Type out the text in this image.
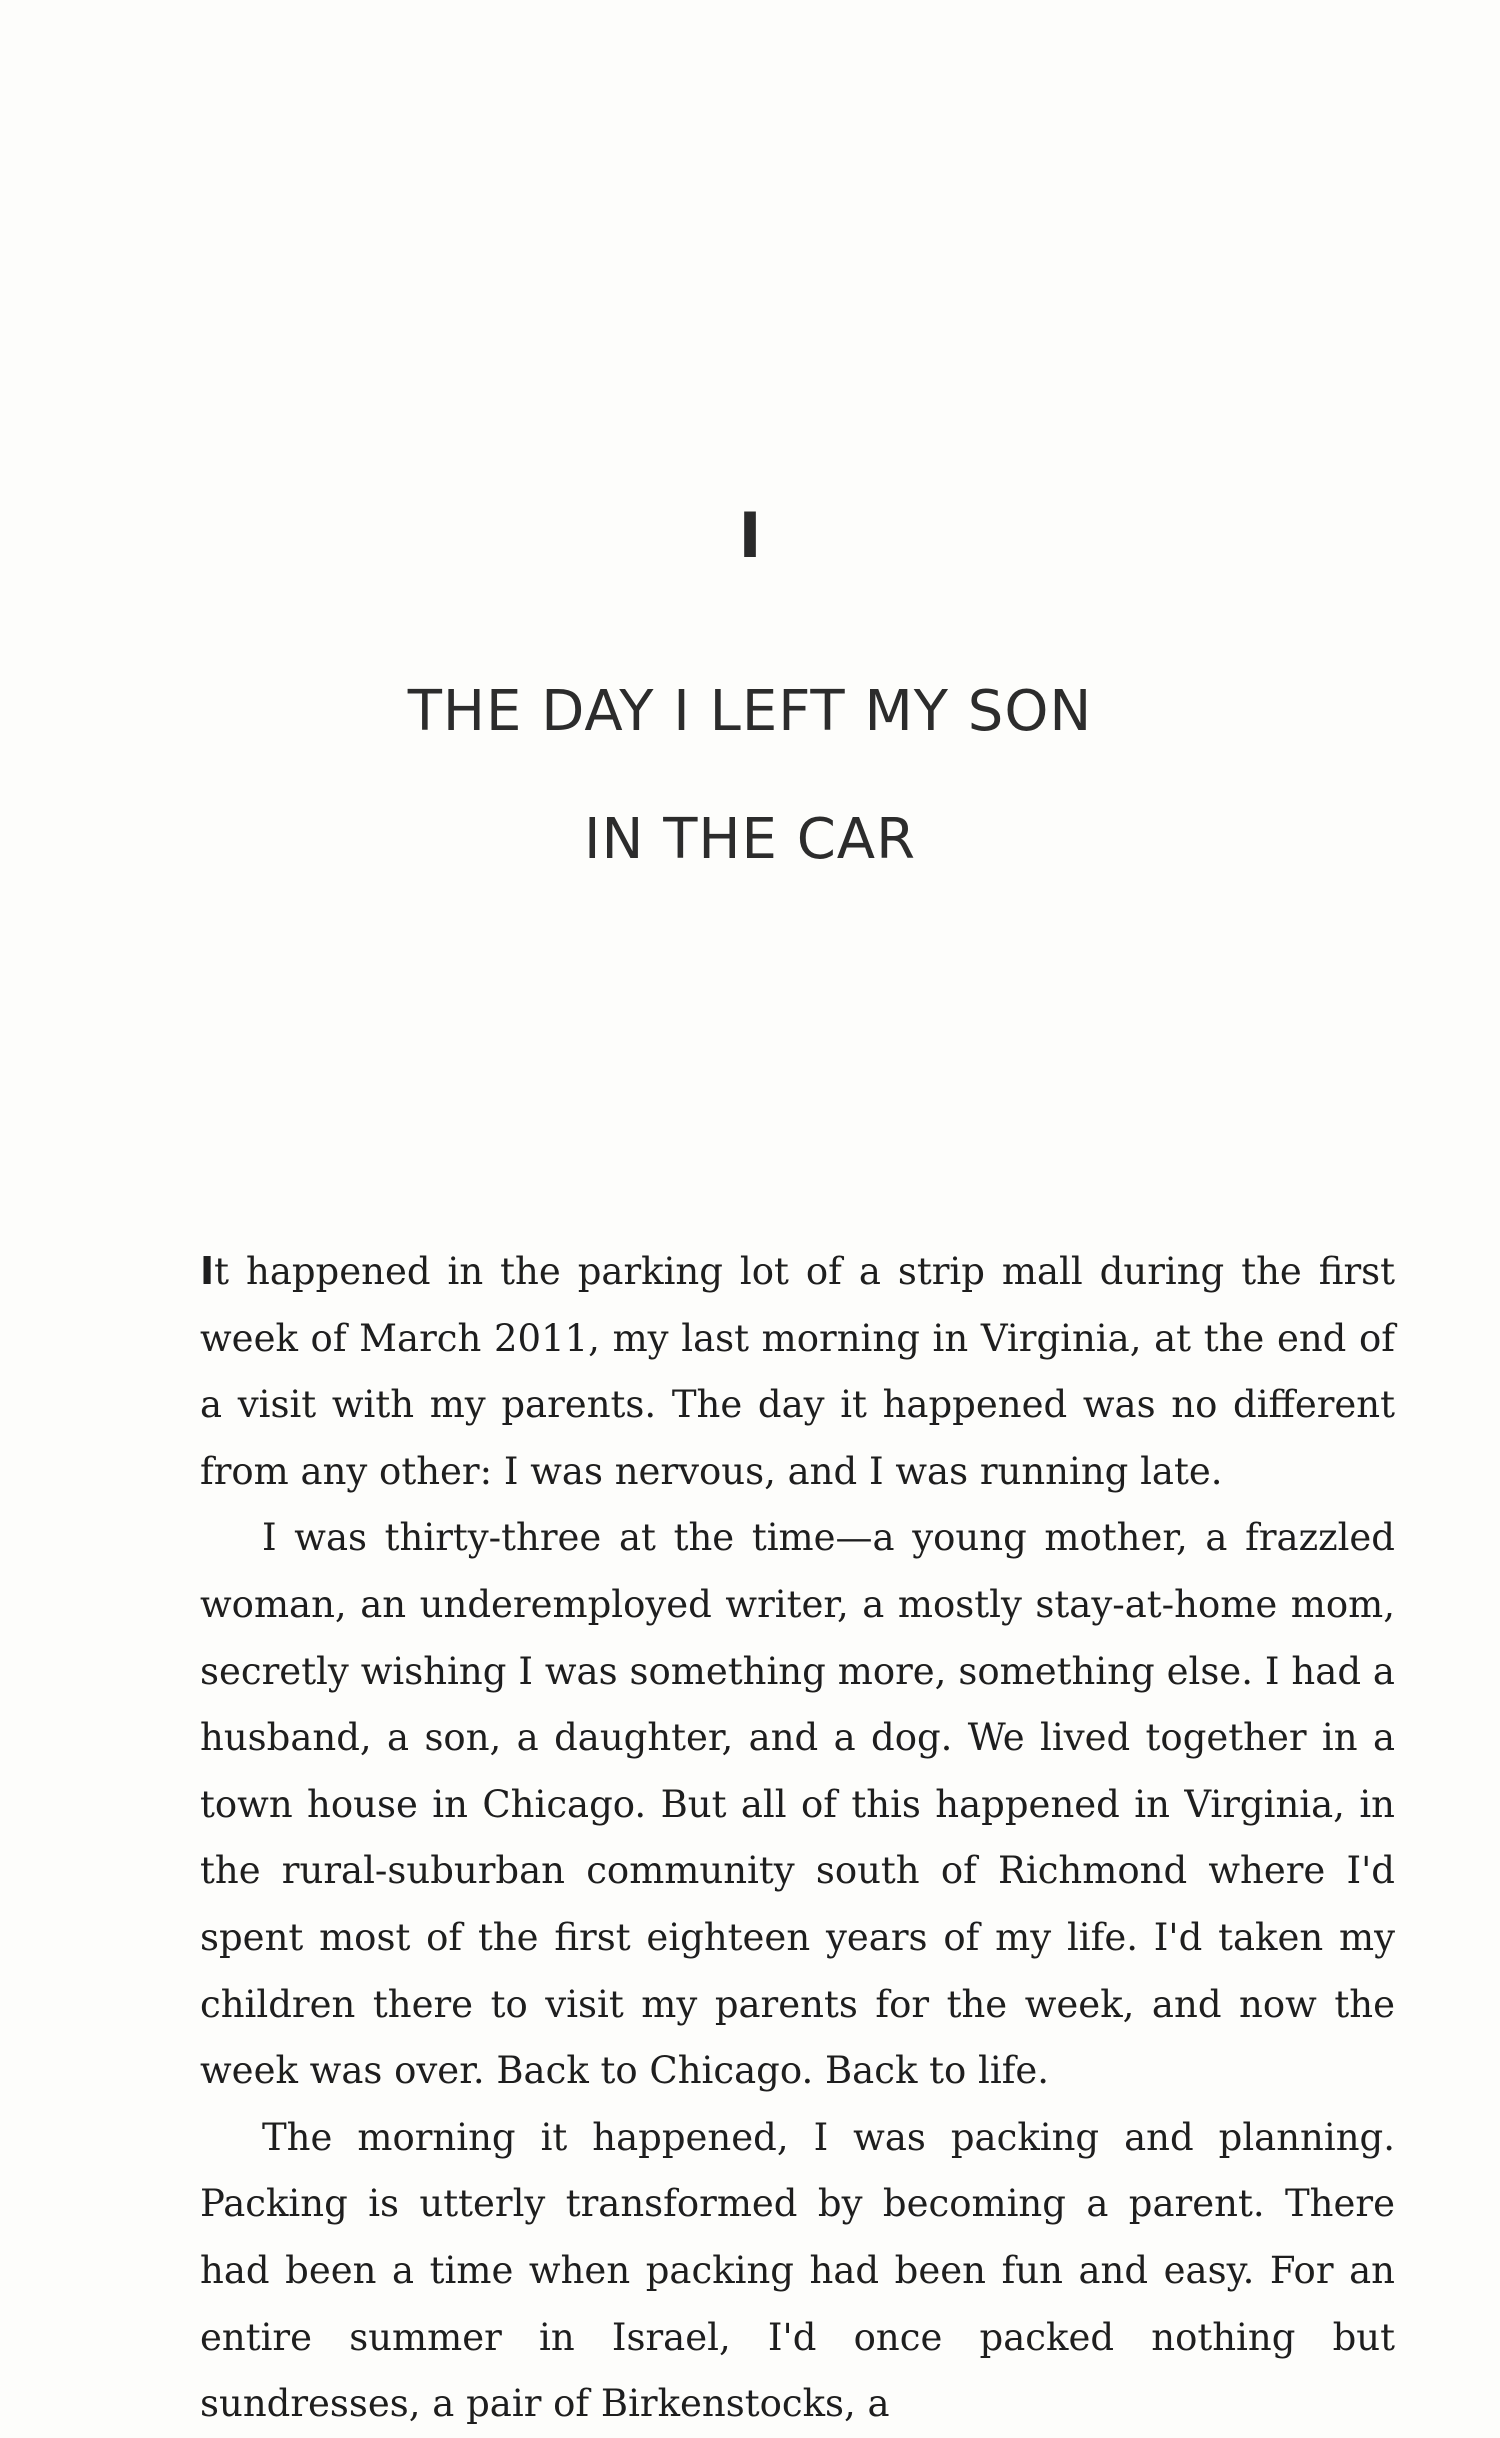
I
THE DAY I LEFT MY SON
IN THE CAR

It happened in the parking lot of a strip mall during the first week of March 2011, my last morning in Virginia, at the end of a visit with my parents. The day it happened was no different from any other: I was nervous, and I was running late.

I was thirty-three at the time—a young mother, a frazzled woman, an underemployed writer, a mostly stay-at-home mom, secretly wishing I was something more, something else. I had a husband, a son, a daughter, and a dog. We lived together in a town house in Chicago. But all of this happened in Virginia, in the rural-suburban community south of Richmond where I'd spent most of the first eighteen years of my life. I'd taken my children there to visit my parents for the week, and now the week was over. Back to Chicago. Back to life.

The morning it happened, I was packing and planning. Packing is utterly transformed by becoming a parent. There had been a time when packing had been fun and easy. For an entire summer in Israel, I'd once packed nothing but sundresses, a pair of Birkenstocks, a
